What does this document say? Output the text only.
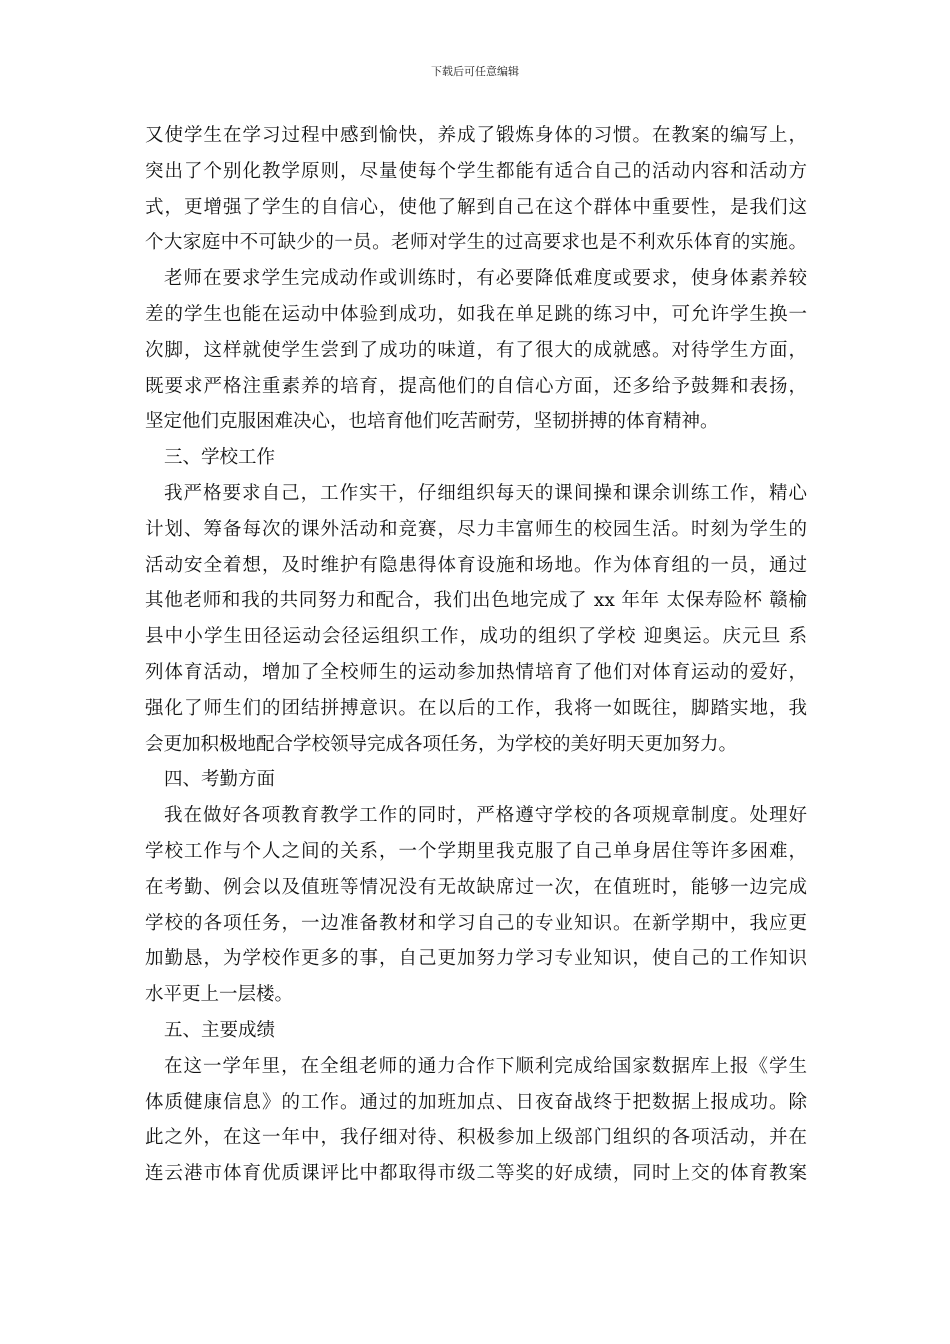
下载后可任意编辑
又使学生在学习过程中感到愉快，养成了锻炼身体的习惯。在教案的编写上，
突出了个别化教学原则，尽量使每个学生都能有适合自己的活动内容和活动方
式，更增强了学生的自信心，使他了解到自己在这个群体中重要性，是我们这
个大家庭中不可缺少的一员。老师对学生的过高要求也是不利欢乐体育的实施。
老师在要求学生完成动作或训练时，有必要降低难度或要求，使身体素养较
差的学生也能在运动中体验到成功，如我在单足跳的练习中，可允许学生换一
次脚，这样就使学生尝到了成功的味道，有了很大的成就感。对待学生方面，
既要求严格注重素养的培育，提高他们的自信心方面，还多给予鼓舞和表扬，
坚定他们克服困难决心，也培育他们吃苦耐劳，坚韧拼搏的体育精神。
三、学校工作
我严格要求自己，工作实干，仔细组织每天的课间操和课余训练工作，精心
计划、筹备每次的课外活动和竞赛，尽力丰富师生的校园生活。时刻为学生的
活动安全着想，及时维护有隐患得体育设施和场地。作为体育组的一员，通过
其他老师和我的共同努力和配合，我们出色地完成了 xx 年年 太保寿险杯 赣榆
县中小学生田径运动会径运组织工作，成功的组织了学校 迎奥运。庆元旦 系
列体育活动，增加了全校师生的运动参加热情培育了他们对体育运动的爱好，
强化了师生们的团结拼搏意识。在以后的工作，我将一如既往，脚踏实地，我
会更加积极地配合学校领导完成各项任务，为学校的美好明天更加努力。
四、考勤方面
我在做好各项教育教学工作的同时，严格遵守学校的各项规章制度。处理好
学校工作与个人之间的关系，一个学期里我克服了自己单身居住等许多困难，
在考勤、例会以及值班等情况没有无故缺席过一次，在值班时，能够一边完成
学校的各项任务，一边准备教材和学习自己的专业知识。在新学期中，我应更
加勤恳，为学校作更多的事，自己更加努力学习专业知识，使自己的工作知识
水平更上一层楼。
五、主要成绩
在这一学年里，在全组老师的通力合作下顺利完成给国家数据库上报《学生
体质健康信息》的工作。通过的加班加点、日夜奋战终于把数据上报成功。除
此之外，在这一年中，我仔细对待、积极参加上级部门组织的各项活动，并在
连云港市体育优质课评比中都取得市级二等奖的好成绩，同时上交的体育教案
